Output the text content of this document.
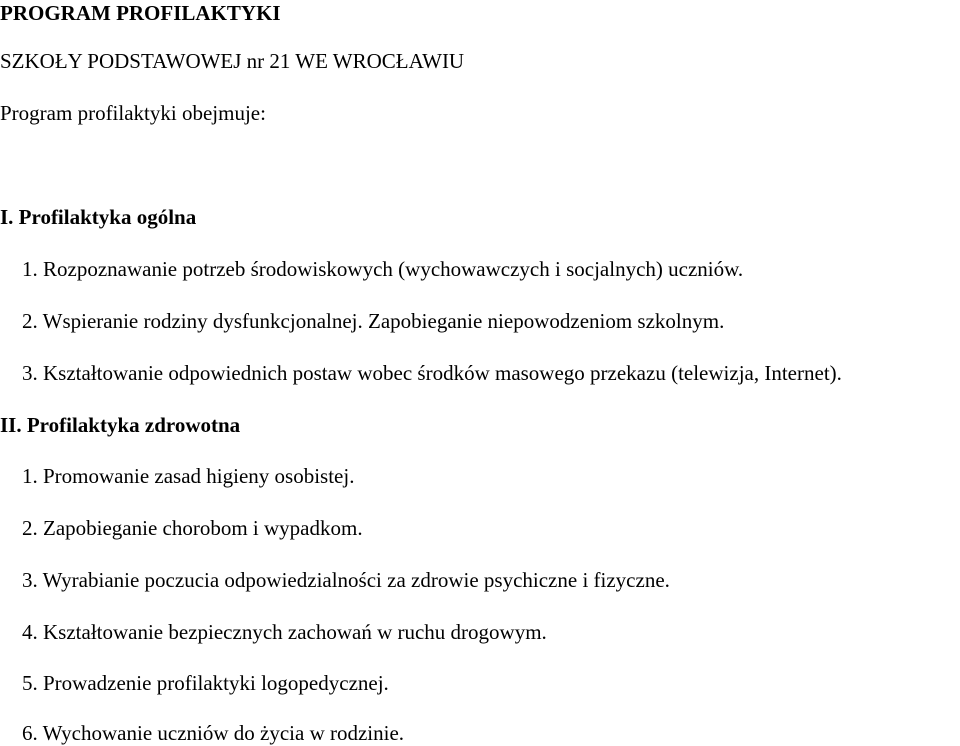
PROGRAM PROFILAKTYKI
SZKOŁY PODSTAWOWEJ nr 21 WE WROCŁAWIU
Program profilaktyki obejmuje:
I. Profilaktyka ogólna
1. Rozpoznawanie potrzeb środowiskowych (wychowawczych i socjalnych) uczniów.
2. Wspieranie rodziny dysfunkcjonalnej. Zapobieganie niepowodzeniom szkolnym.
3. Kształtowanie odpowiednich postaw wobec środków masowego przekazu (telewizja, Internet).
II. Profilaktyka zdrowotna
1. Promowanie zasad higieny osobistej.
2. Zapobieganie chorobom i wypadkom.
3. Wyrabianie poczucia odpowiedzialności za zdrowie psychiczne i fizyczne.
4. Kształtowanie bezpiecznych zachowań w ruchu drogowym.
5. Prowadzenie profilaktyki logopedycznej.
6. Wychowanie uczniów do życia w rodzinie.
